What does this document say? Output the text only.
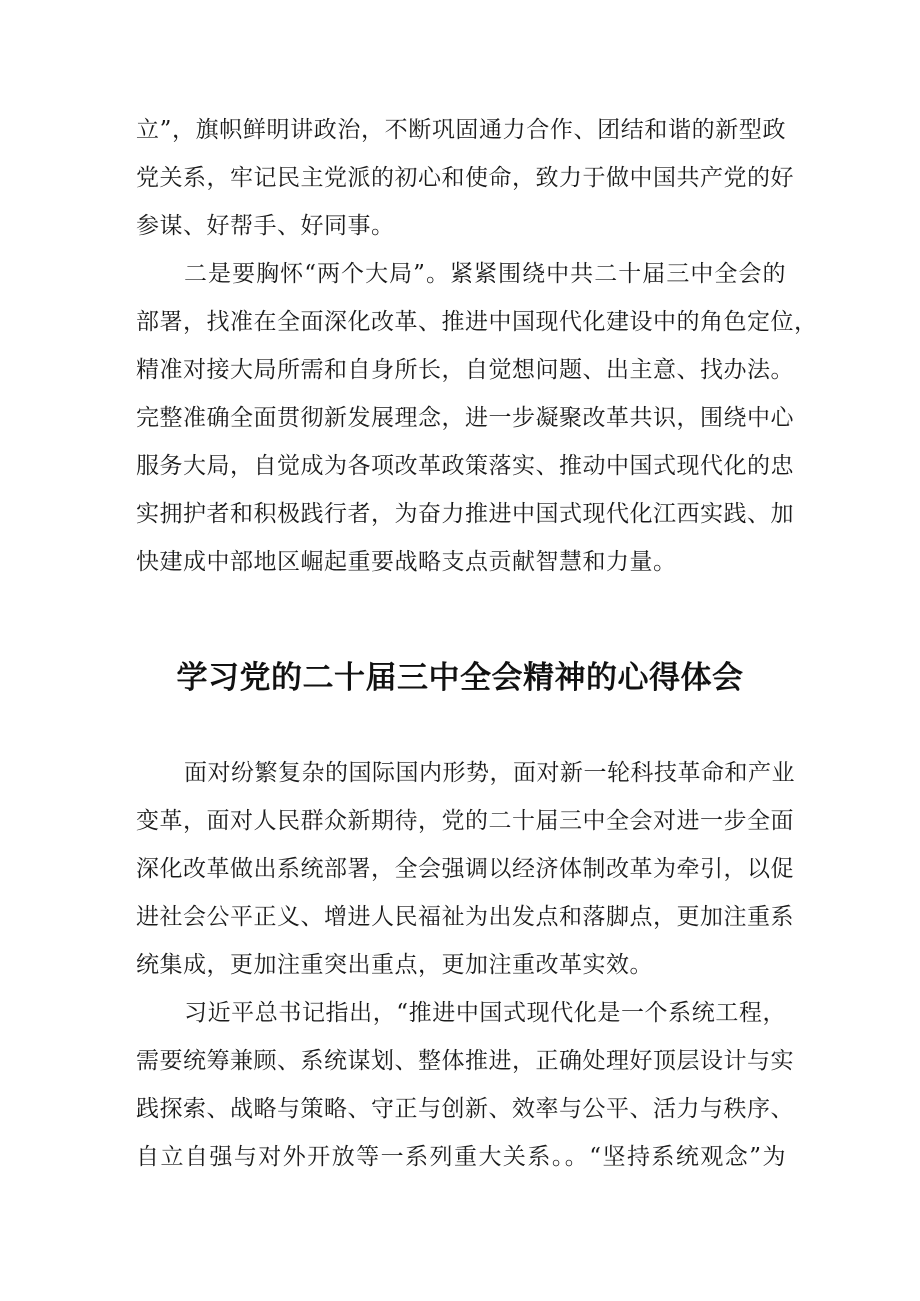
立”，旗帜鲜明讲政治，不断巩固通力合作、团结和谐的新型政

党关系，牢记民主党派的初心和使命，致力于做中国共产党的好

参谋、好帮手、好同事。

二是要胸怀“两个大局”。紧紧围绕中共二十届三中全会的

部署，找准在全面深化改革、推进中国现代化建设中的角色定位，

精准对接大局所需和自身所长，自觉想问题、出主意、找办法。

完整准确全面贯彻新发展理念，进一步凝聚改革共识，围绕中心

服务大局，自觉成为各项改革政策落实、推动中国式现代化的忠

实拥护者和积极践行者，为奋力推进中国式现代化江西实践、加

快建成中部地区崛起重要战略支点贡献智慧和力量。

学习党的二十届三中全会精神的心得体会

面对纷繁复杂的国际国内形势，面对新一轮科技革命和产业

变革，面对人民群众新期待，党的二十届三中全会对进一步全面

深化改革做出系统部署，全会强调以经济体制改革为牵引，以促

进社会公平正义、增进人民福祉为出发点和落脚点，更加注重系

统集成，更加注重突出重点，更加注重改革实效。

习近平总书记指出，“推进中国式现代化是一个系统工程，

需要统筹兼顾、系统谋划、整体推进，正确处理好顶层设计与实

践探索、战略与策略、守正与创新、效率与公平、活力与秩序、

自立自强与对外开放等一系列重大关系。。“坚持系统观念”为
